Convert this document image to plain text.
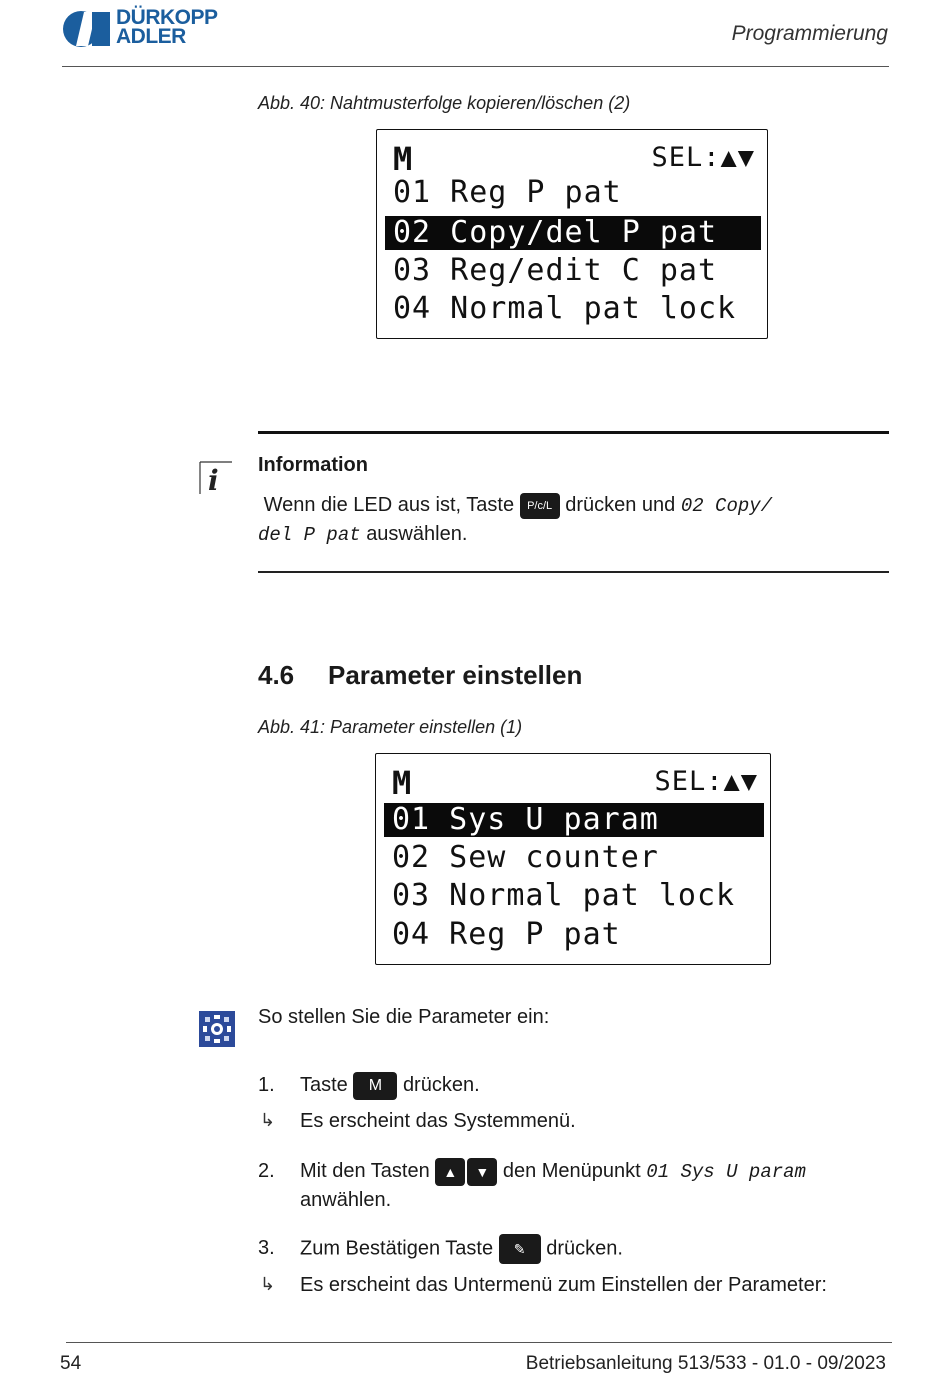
DÜRKOPP
ADLER	Programmierung
Abb. 40: Nahtmusterfolge kopieren/löschen (2)
M	SEL:▲▼
01 Reg P pat
02 Copy/del P pat
03 Reg/edit C pat
04 Normal pat lock
i Information
Wenn die LED aus ist, Taste P/c/L drücken und 02 Copy/
del P pat auswählen.
4.6 Parameter einstellen
Abb. 41: Parameter einstellen (1)
M	SEL:▲▼
01 Sys U param
02 Sew counter
03 Normal pat lock
04 Reg P pat
So stellen Sie die Parameter ein:
1. Taste M drücken.
↳ Es erscheint das Systemmenü.
2. Mit den Tasten ▲ ▼ den Menüpunkt 01 Sys U param
anwählen.
3. Zum Bestätigen Taste ✎ drücken.
↳ Es erscheint das Untermenü zum Einstellen der Parameter:
54	Betriebsanleitung 513/533 - 01.0 - 09/2023
